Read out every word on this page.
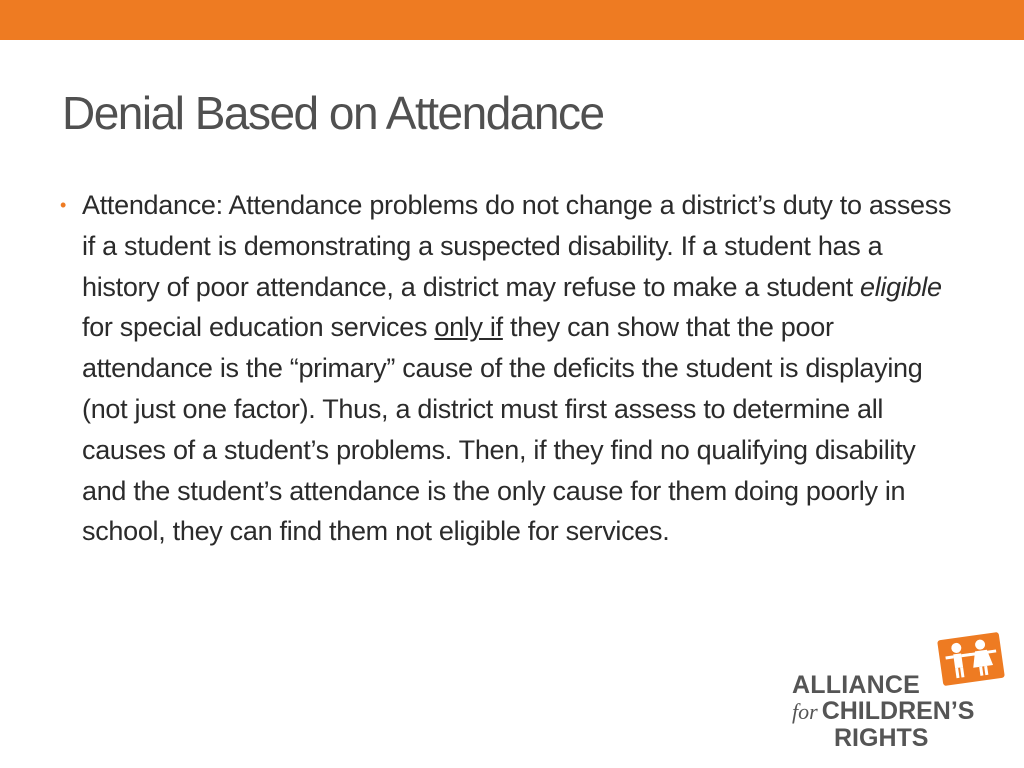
Denial Based on Attendance
• Attendance: Attendance problems do not change a district’s duty to assess if a student is demonstrating a suspected disability. If a student has a history of poor attendance, a district may refuse to make a student eligible for special education services only if they can show that the poor attendance is the “primary” cause of the deficits the student is displaying (not just one factor). Thus, a district must first assess to determine all causes of a student’s problems. Then, if they find no qualifying disability and the student’s attendance is the only cause for them doing poorly in school, they can find them not eligible for services.
ALLIANCE
for CHILDREN’S
RIGHTS
